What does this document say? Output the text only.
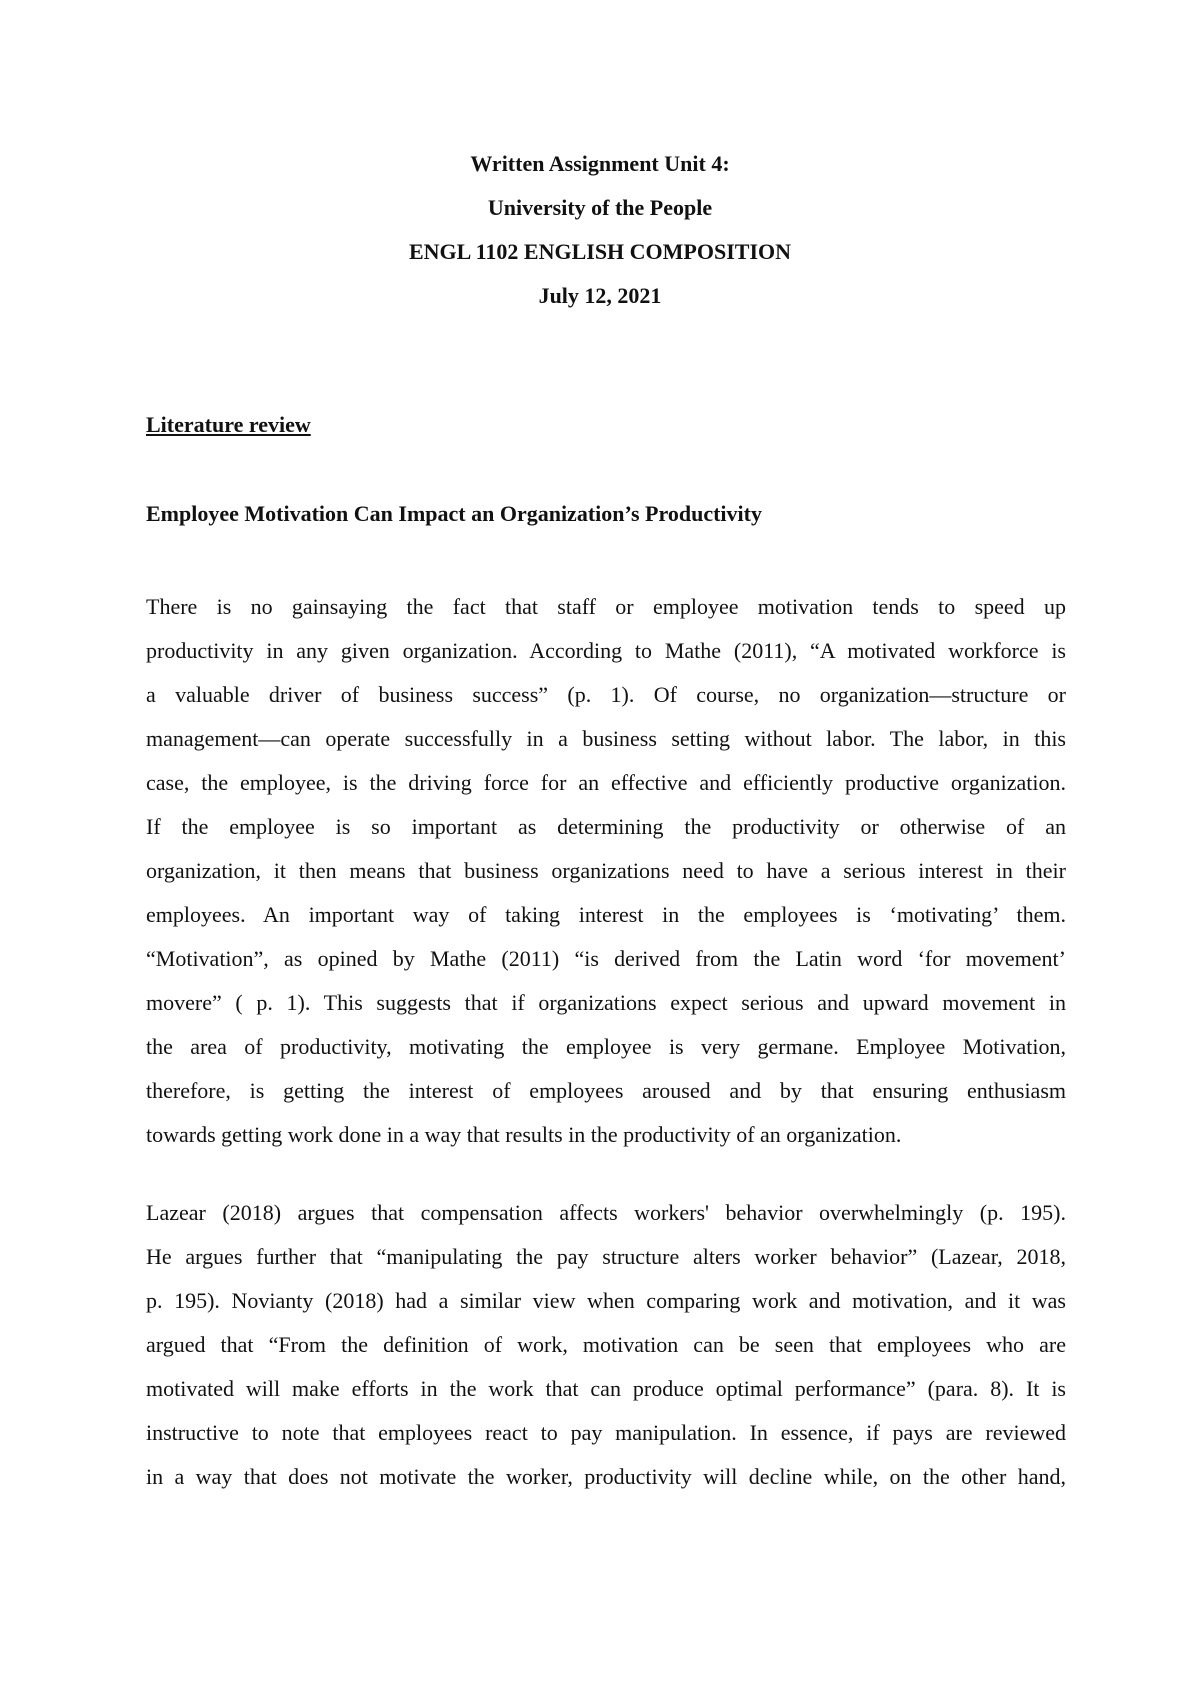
Written Assignment Unit 4:
University of the People
ENGL 1102 ENGLISH COMPOSITION
July 12, 2021
Literature review
Employee Motivation Can Impact an Organization’s Productivity
There is no gainsaying the fact that staff or employee motivation tends to speed up
productivity in any given organization. According to Mathe (2011), “A motivated workforce is
a valuable driver of business success” (p. 1). Of course, no organization—structure or
management—can operate successfully in a business setting without labor. The labor, in this
case, the employee, is the driving force for an effective and efficiently productive organization.
If the employee is so important as determining the productivity or otherwise of an
organization, it then means that business organizations need to have a serious interest in their
employees. An important way of taking interest in the employees is ‘motivating’ them.
“Motivation”, as opined by Mathe (2011) “is derived from the Latin word ‘for movement’
movere” ( p. 1). This suggests that if organizations expect serious and upward movement in
the area of productivity, motivating the employee is very germane. Employee Motivation,
therefore, is getting the interest of employees aroused and by that ensuring enthusiasm
towards getting work done in a way that results in the productivity of an organization.
Lazear (2018) argues that compensation affects workers' behavior overwhelmingly (p. 195).
He argues further that “manipulating the pay structure alters worker behavior” (Lazear, 2018,
p. 195). Novianty (2018) had a similar view when comparing work and motivation, and it was
argued that “From the definition of work, motivation can be seen that employees who are
motivated will make efforts in the work that can produce optimal performance” (para. 8). It is
instructive to note that employees react to pay manipulation. In essence, if pays are reviewed
in a way that does not motivate the worker, productivity will decline while, on the other hand,
